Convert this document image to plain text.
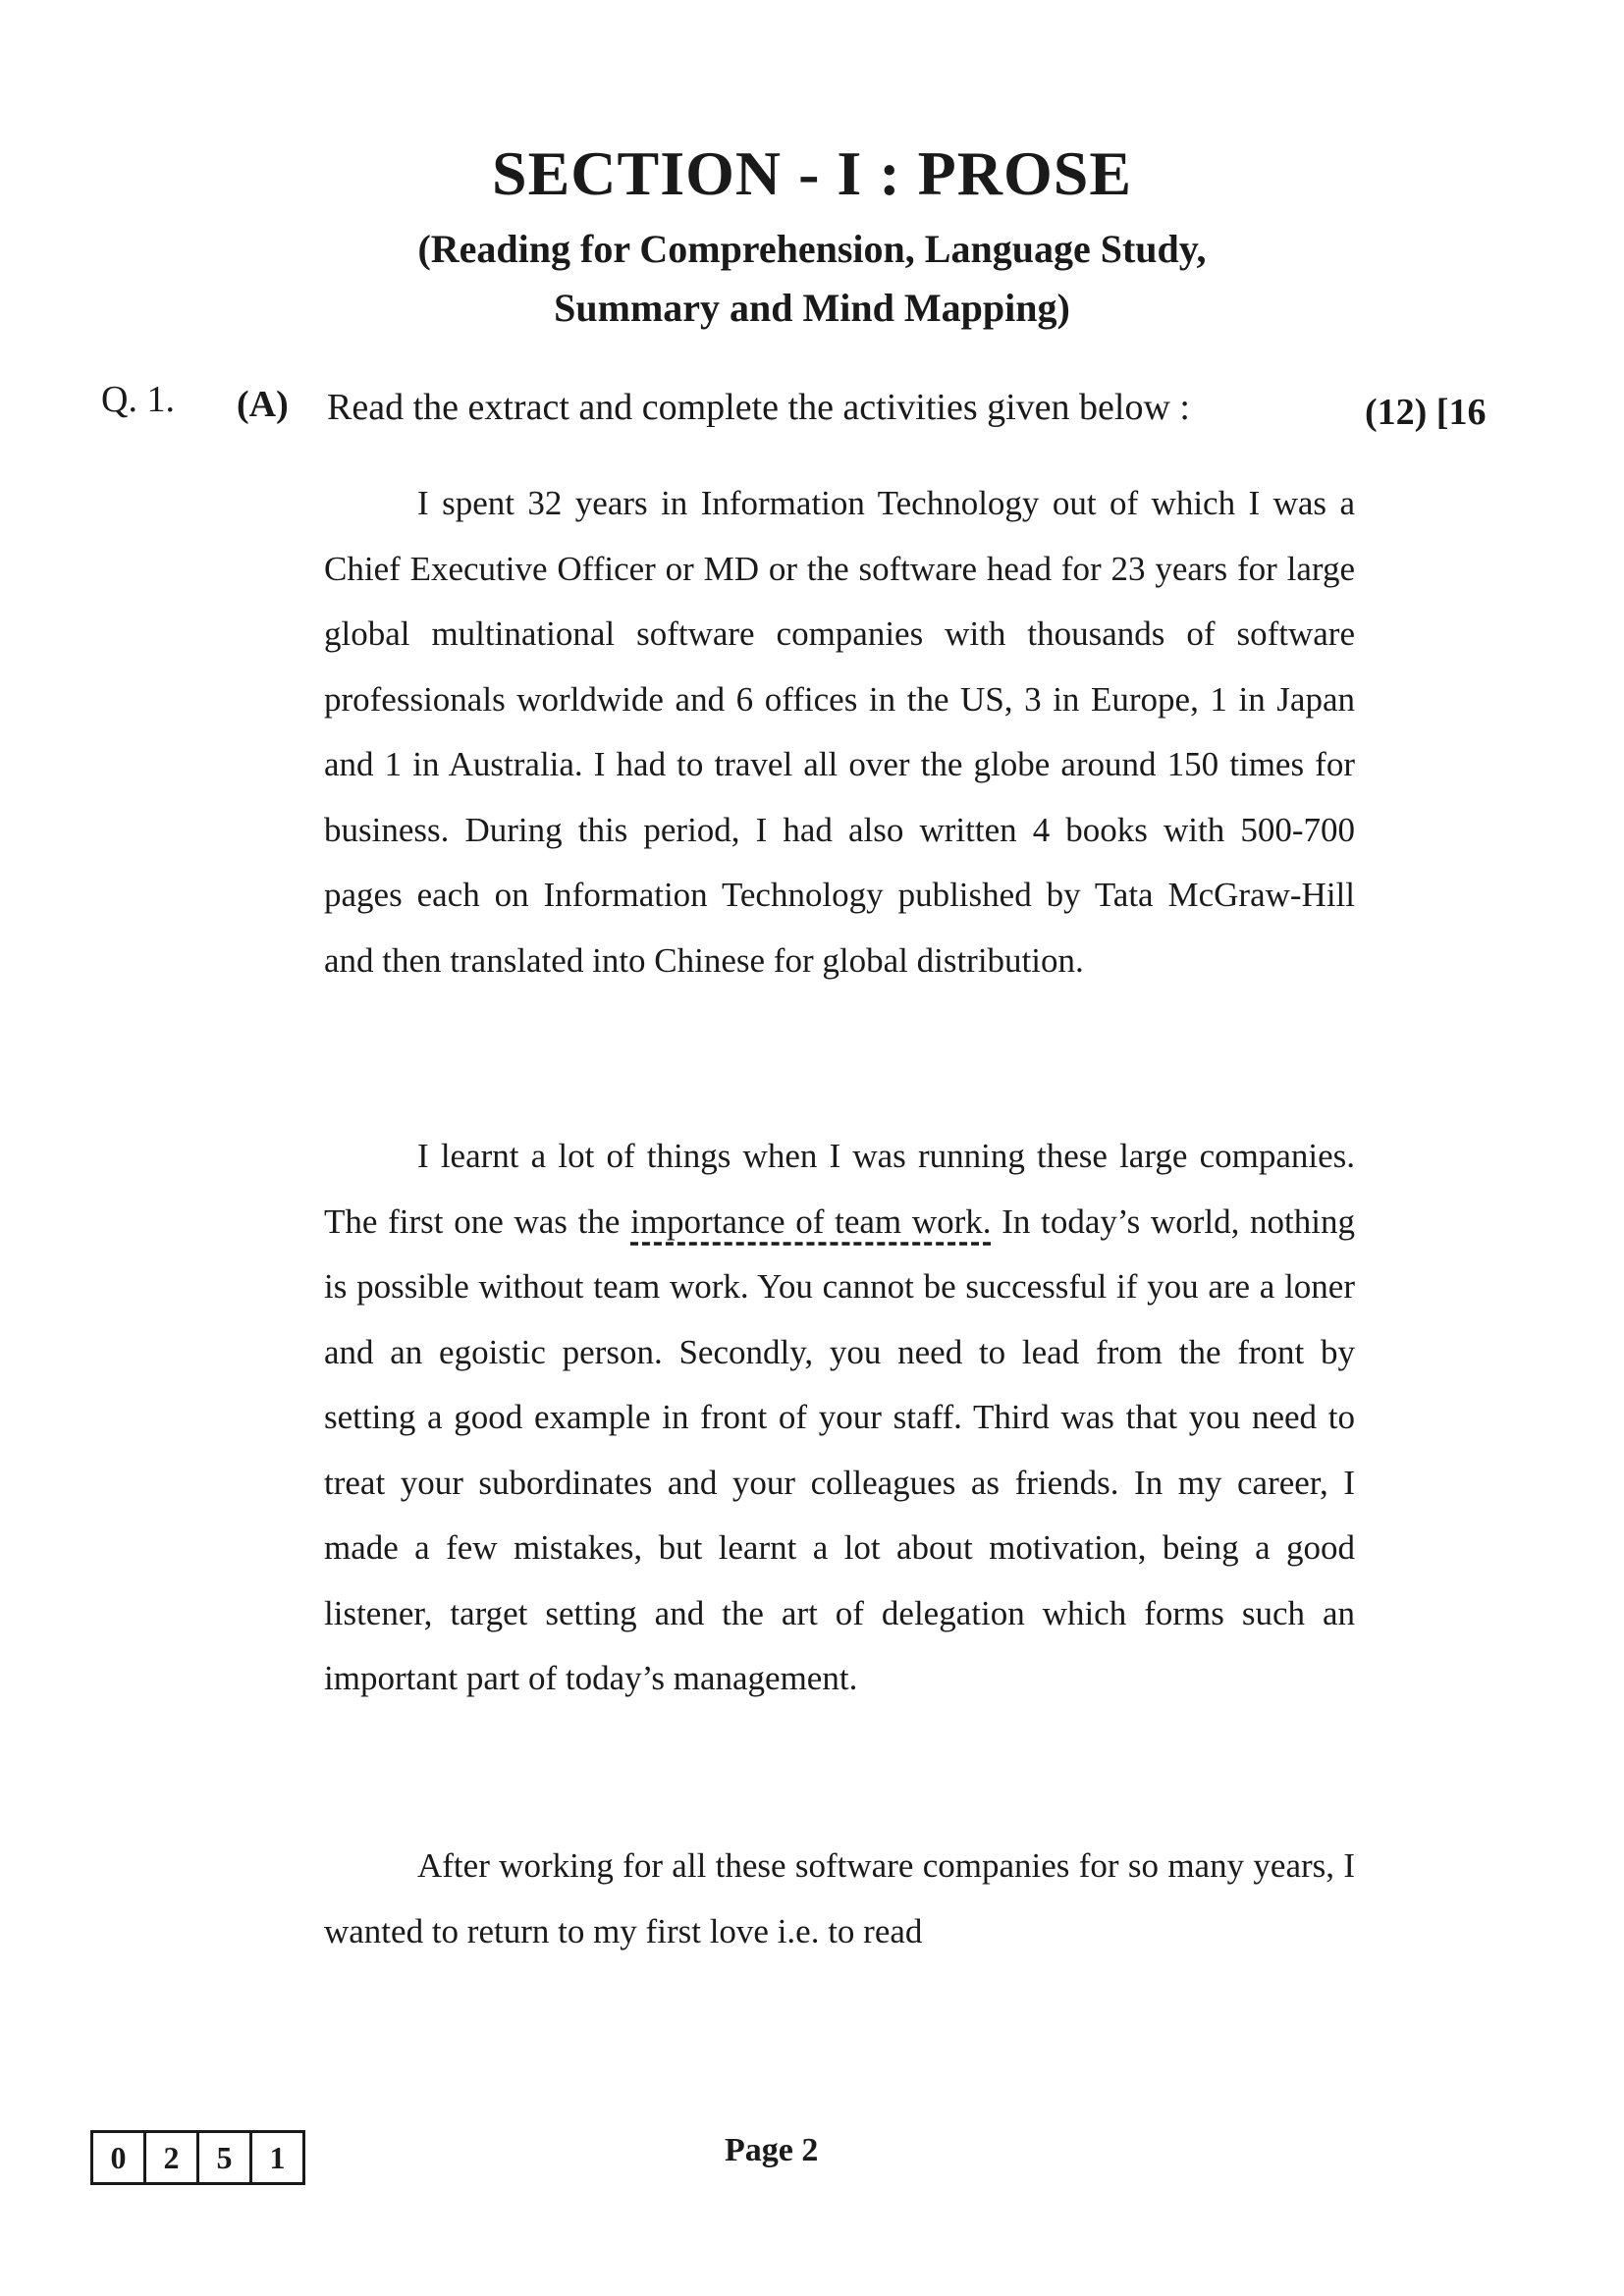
SECTION - I : PROSE
(Reading for Comprehension, Language Study,
Summary and Mind Mapping)
Q. 1. (A) Read the extract and complete the activities given below :	(12) [16
I spent 32 years in Information Technology out of which I was a Chief Executive Officer or MD or the software head for 23 years for large global multinational software companies with thousands of software professionals worldwide and 6 offices in the US, 3 in Europe, 1 in Japan and 1 in Australia. I had to travel all over the globe around 150 times for business. During this period, I had also written 4 books with 500-700 pages each on Information Technology published by Tata McGraw-Hill and then translated into Chinese for global distribution.
I learnt a lot of things when I was running these large companies. The first one was the importance of team work. In today’s world, nothing is possible without team work. You cannot be successful if you are a loner and an egoistic person. Secondly, you need to lead from the front by setting a good example in front of your staff. Third was that you need to treat your subordinates and your colleagues as friends. In my career, I made a few mistakes, but learnt a lot about motivation, being a good listener, target setting and the art of delegation which forms such an important part of today’s management.
After working for all these software companies for so many years, I wanted to return to my first love i.e. to read
0	2	5	1	Page 2
